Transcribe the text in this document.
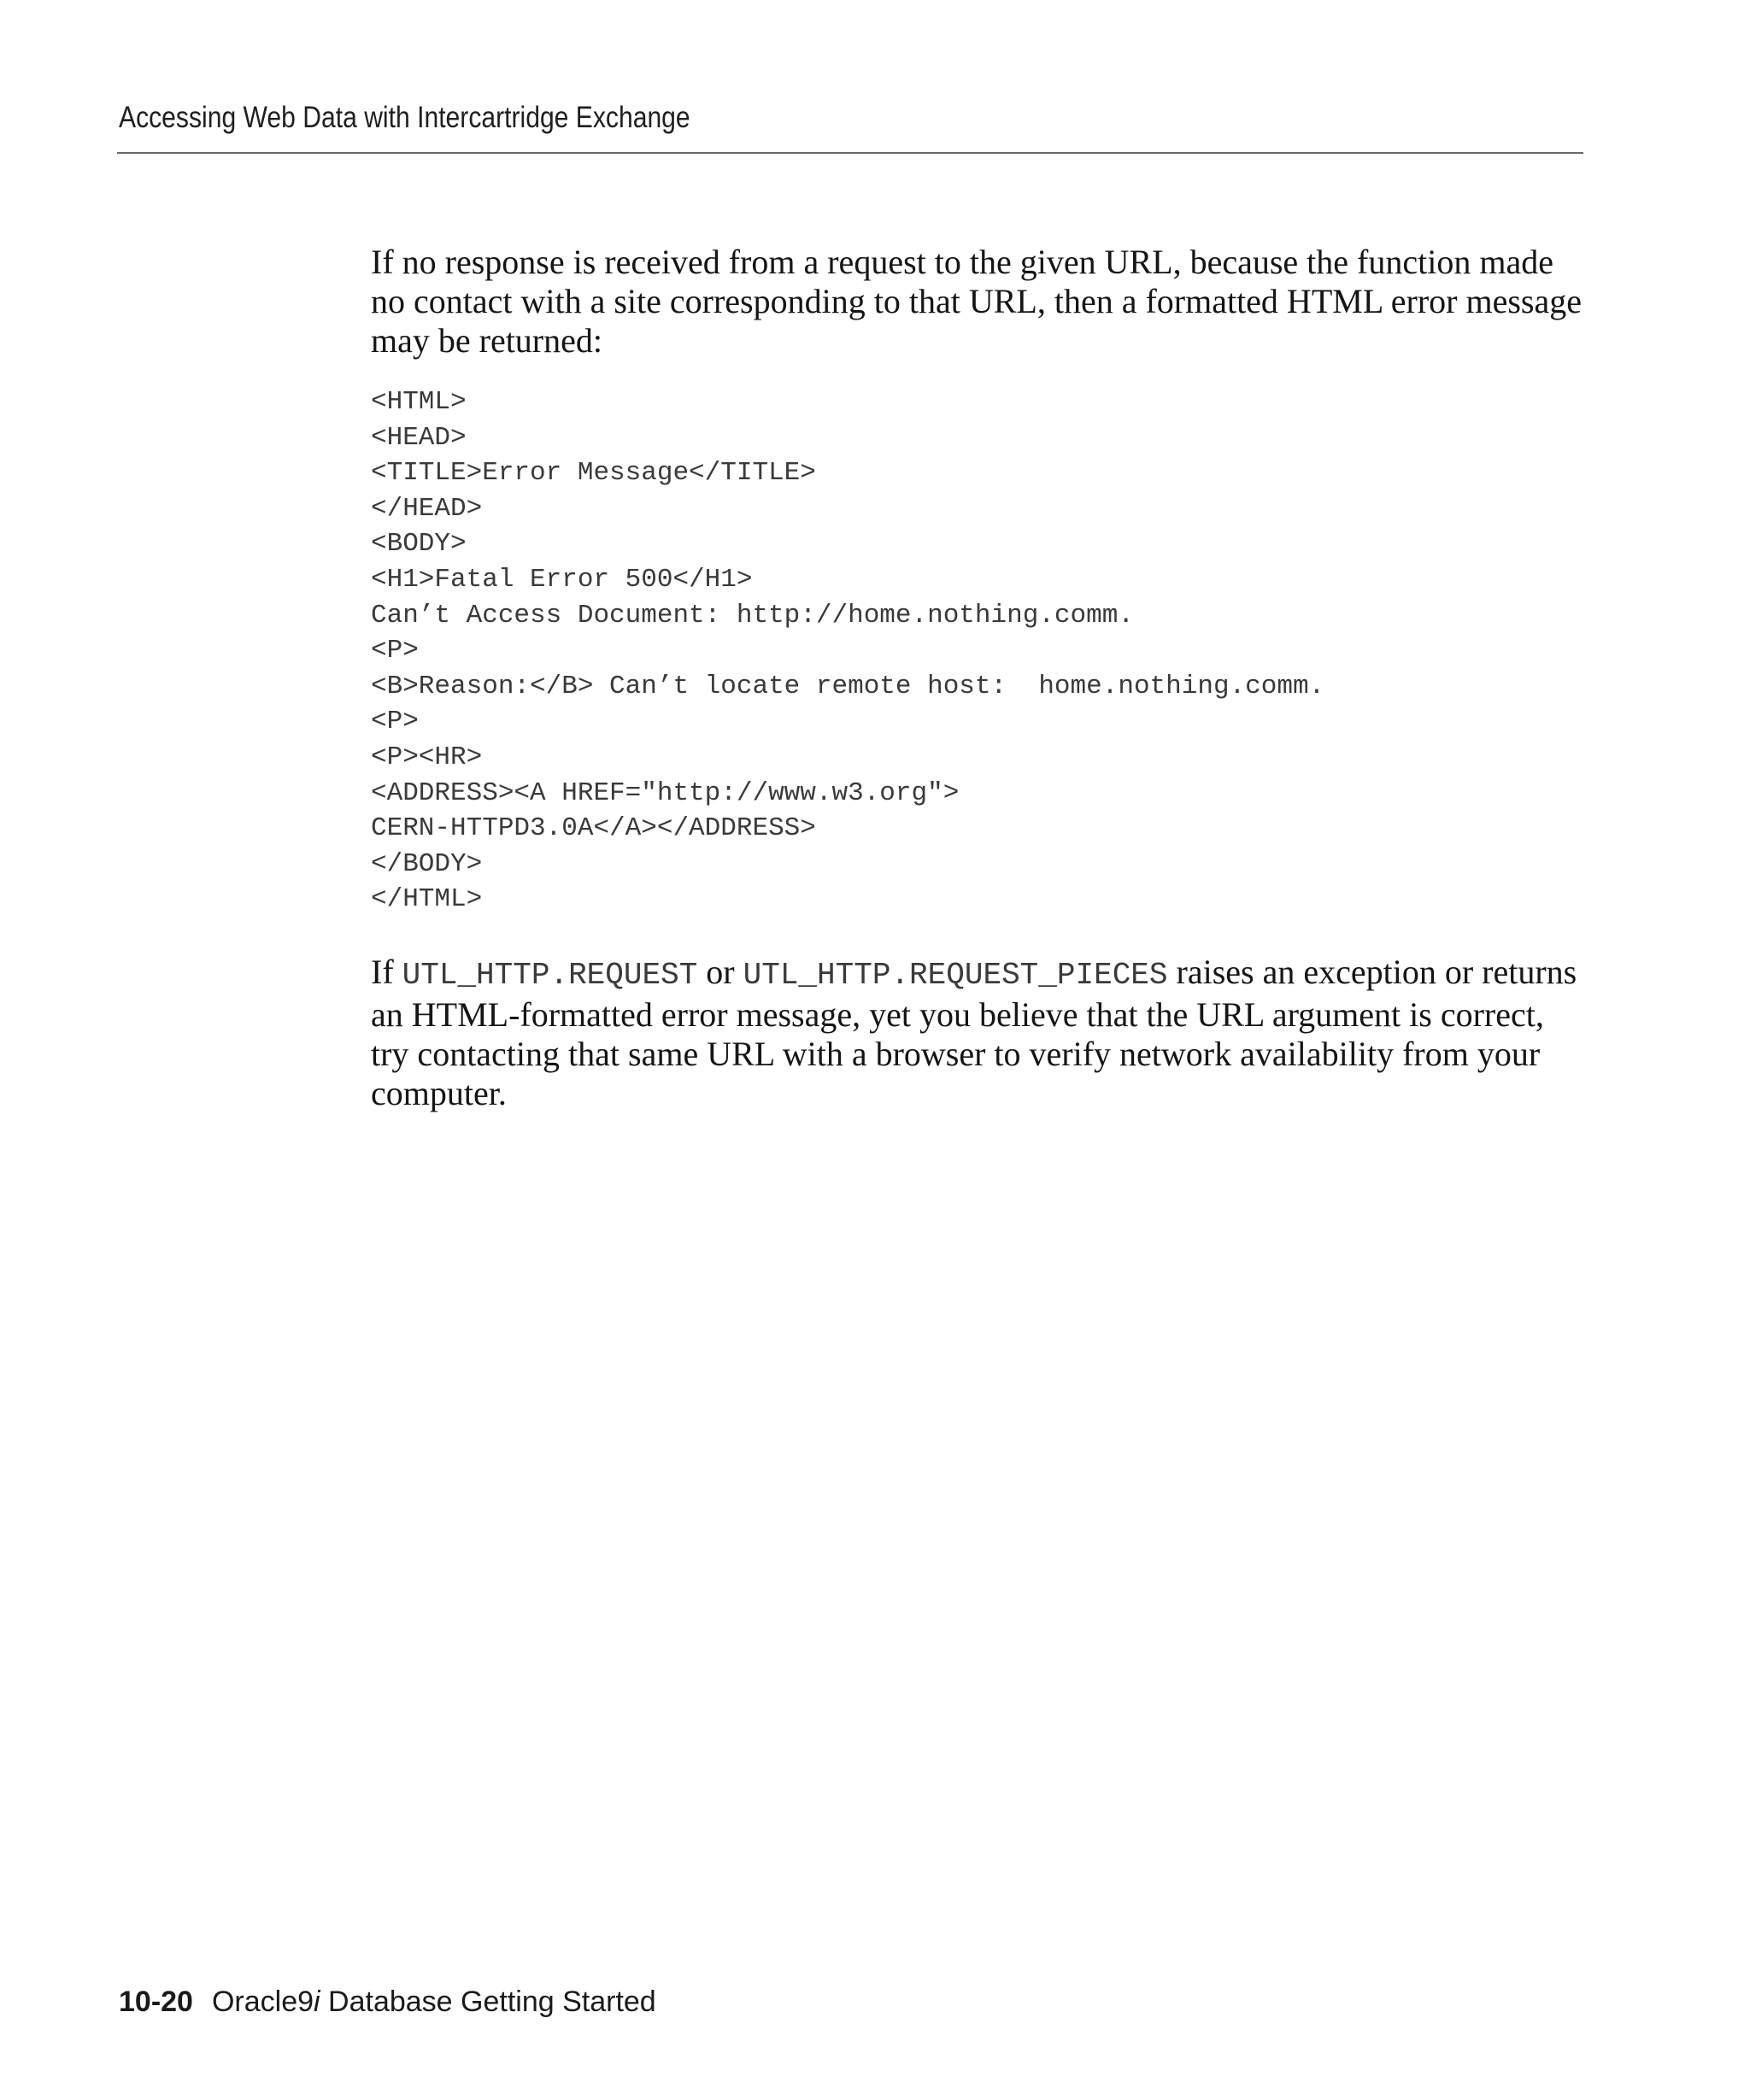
Accessing Web Data with Intercartridge Exchange

If no response is received from a request to the given URL, because the function made no contact with a site corresponding to that URL, then a formatted HTML error message may be returned:

<HTML>
<HEAD>
<TITLE>Error Message</TITLE>
</HEAD>
<BODY>
<H1>Fatal Error 500</H1>
Can’t Access Document: http://home.nothing.comm.
<P>
<B>Reason:</B> Can’t locate remote host:  home.nothing.comm.
<P>
<P><HR>
<ADDRESS><A HREF="http://www.w3.org">
CERN-HTTPD3.0A</A></ADDRESS>
</BODY>
</HTML>

If UTL_HTTP.REQUEST or UTL_HTTP.REQUEST_PIECES raises an exception or returns an HTML-formatted error message, yet you believe that the URL argument is correct, try contacting that same URL with a browser to verify network availability from your computer.

10-20 Oracle9i Database Getting Started
